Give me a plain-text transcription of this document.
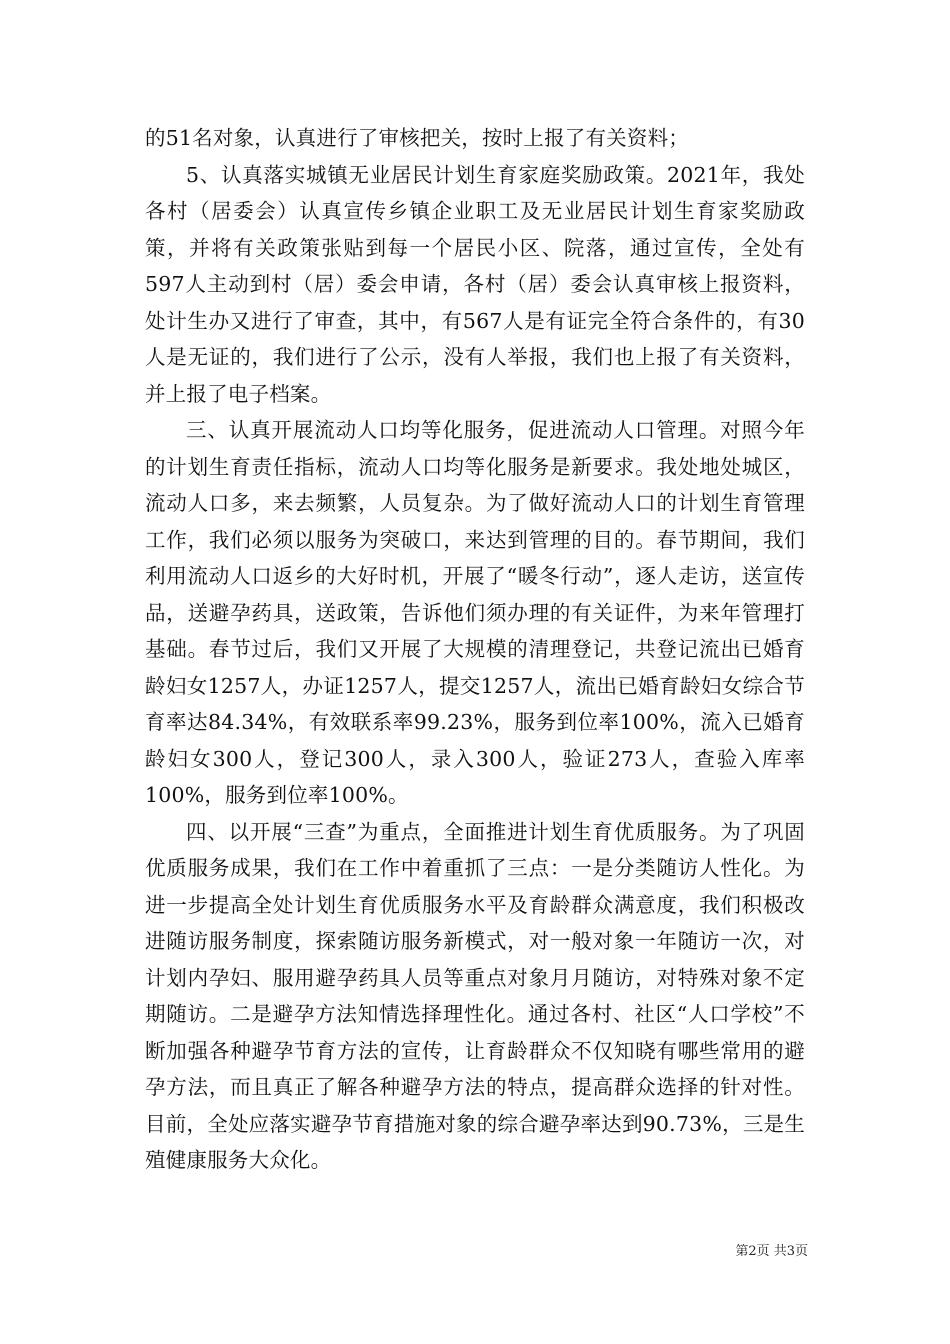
的51名对象，认真进行了审核把关，按时上报了有关资料；

5、认真落实城镇无业居民计划生育家庭奖励政策。2021年，我处各村（居委会）认真宣传乡镇企业职工及无业居民计划生育家奖励政策，并将有关政策张贴到每一个居民小区、院落，通过宣传，全处有597人主动到村（居）委会申请，各村（居）委会认真审核上报资料，处计生办又进行了审查，其中，有567人是有证完全符合条件的，有30人是无证的，我们进行了公示，没有人举报，我们也上报了有关资料，并上报了电子档案。

三、认真开展流动人口均等化服务，促进流动人口管理。对照今年的计划生育责任指标，流动人口均等化服务是新要求。我处地处城区，流动人口多，来去频繁，人员复杂。为了做好流动人口的计划生育管理工作，我们必须以服务为突破口，来达到管理的目的。春节期间，我们利用流动人口返乡的大好时机，开展了“暖冬行动”，逐人走访，送宣传品，送避孕药具，送政策，告诉他们须办理的有关证件，为来年管理打基础。春节过后，我们又开展了大规模的清理登记，共登记流出已婚育龄妇女1257人，办证1257人，提交1257人，流出已婚育龄妇女综合节育率达84.34%，有效联系率99.23%，服务到位率100%，流入已婚育龄妇女300人，登记300人，录入300人，验证273人，查验入库率100%，服务到位率100%。

四、以开展“三查”为重点，全面推进计划生育优质服务。为了巩固优质服务成果，我们在工作中着重抓了三点：一是分类随访人性化。为进一步提高全处计划生育优质服务水平及育龄群众满意度，我们积极改进随访服务制度，探索随访服务新模式，对一般对象一年随访一次，对计划内孕妇、服用避孕药具人员等重点对象月月随访，对特殊对象不定期随访。二是避孕方法知情选择理性化。通过各村、社区“人口学校”不断加强各种避孕节育方法的宣传，让育龄群众不仅知晓有哪些常用的避孕方法，而且真正了解各种避孕方法的特点，提高群众选择的针对性。目前，全处应落实避孕节育措施对象的综合避孕率达到90.73%，三是生殖健康服务大众化。

第2页 共3页
